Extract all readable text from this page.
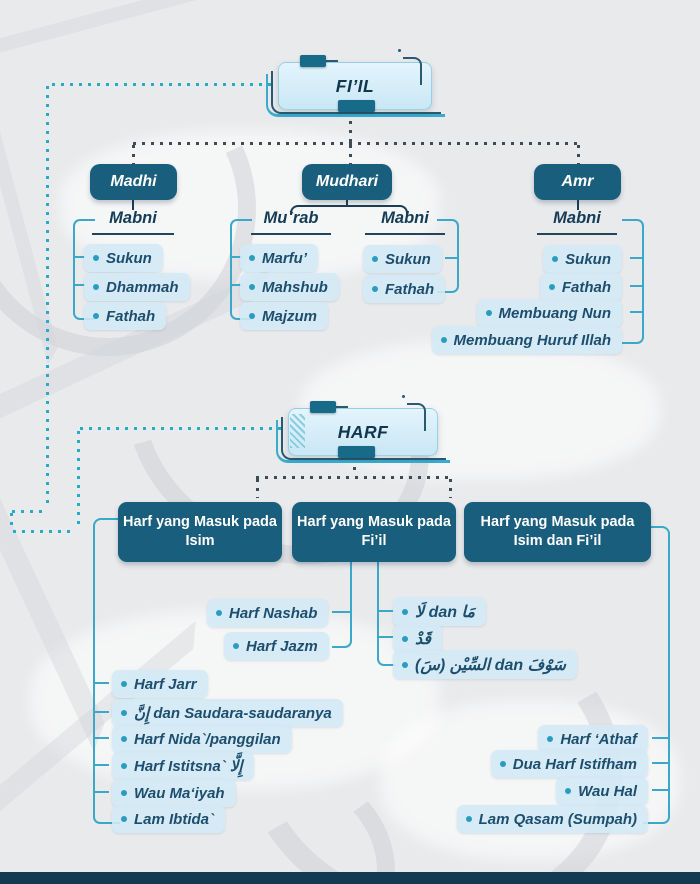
FI’IL
Madhi	Mudhari	Amr
Mabni	Mu`rab	Mabni	Mabni
Sukun
Dhammah
Fathah
Marfu’
Mahshub
Majzum
Sukun
Fathah
Sukun
Fathah
Membuang Nun
Membuang Huruf Illah
HARF
Harf yang Masuk pada Isim
Harf yang Masuk pada Fi’il
Harf yang Masuk pada Isim dan Fi’il
Harf Nashab
Harf Jazm
مَا dan لَا
قَدْ
سَوْفَ dan السِّيْن (سَ)
Harf Jarr
إِنَّ dan Saudara-saudaranya
Harf Nida`/panggilan
Harf Istitsna` إِلَّا
Wau Ma‘iyah
Lam Ibtida`
Harf ‘Athaf
Dua Harf Istifham
Wau Hal
Lam Qasam (Sumpah)
